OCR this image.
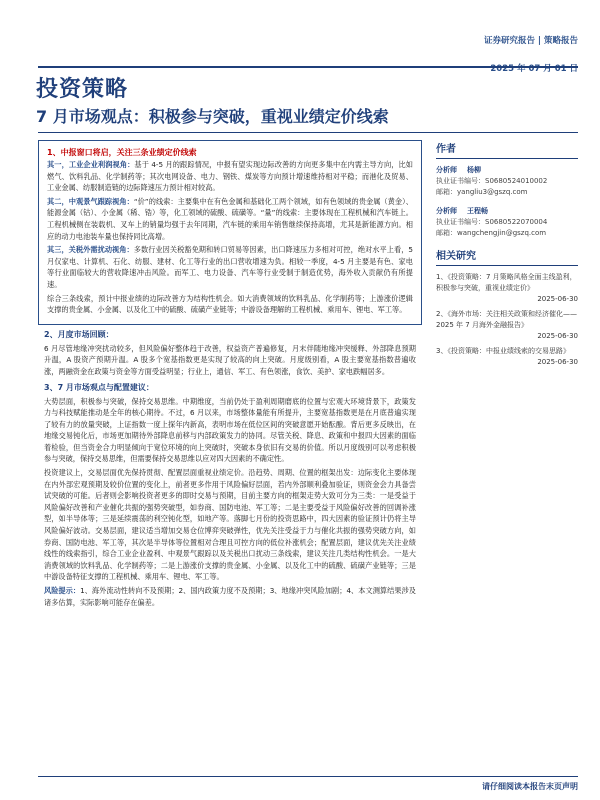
证券研究报告 | 策略报告
2025 年 07 月 01 日
投资策略
7 月市场观点：积极参与突破，重视业绩定价线索
1、中报窗口将启，关注三条业绩定价线索
其一，工业企业利润视角：基于 4-5 月的跟踪情况，中报有望实现边际改善的方向更多集中在内需主导方向，比如燃气、饮料乳品、化学制药等；其次电网设备、电力、钢铁、煤炭等方向预计增速维持相对平稳；而港化及贸易、工业金属、纺服制造链的边际降速压力预计相对较高。
其二，中观景气跟踪视角：“价”的线索：主要集中在有色金属和基础化工两个领域，如有色领域的贵金属（黄金）、能源金属（钴）、小金属（稀、锆）等，化工领域的硫酸、硫磺等。“量”的线索：主要体现在工程机械和汽车链上。工程机械侧在装载机、叉车上的销量均强于去年同期，汽车链的乘用车销售继续保持高增，尤其是新能源方向。相应的动力电池装车量也保持同比高增。
其三，关税外需扰动视角：多数行业因关税豁免期和转口贸易等因素，出口降速压力多相对可控，绝对水平上看，5 月仅家电、计算机、石化、纺服、建材、化工等行业的出口营收增速为负。相较一季度，4-5 月主要是有色、家电等行业面临较大的营收降速冲击风险。而军工、电力设备、汽车等行业受制于制造优势，海外收入贡献仍有所提速。
综合三条线索，预计中报业绩的边际改善方为结构性机会。如大消费领域的饮料乳品、化学制药等；上游涨价逻辑支撑的贵金属、小金属、以及化工中的硫酸、硫磺产业链等；中游设备理解的工程机械、乘用车、锂电、军工等。
2、月度市场回顾：
6 月尽管地缘冲突扰动较多，但风险偏好整体趋于改善，权益资产普遍修复，月末伴随地缘冲突缓释、外部降息预期升温，A 股资产预期升温。A 股多个宽基指数更是实现了较高的向上突破。月度级别看，A 股主要宽基指数普遍收涨，两融资金在政策与资金等方面受益明显；行业上，通信、军工、有色领涨，食饮、美护、家电跌幅居多。
3、7 月市场观点与配置建议：
大势层面，积极参与突破，保持交易思维。中期维度，当前仍处于盈利周期磨底的位置与宏观大环境背景下，政策发力与科技赋能推动是全年的核心期待。不过，6 月以来，市场整体量能有所提升，主要宽基指数更是在月底普遍实现了较有力的放量突破，上证指数一度上探年内新高，表明市场在低位区间的突破意愿开始酝酿。背后更多反映出，在地缘交易钝化后，市场更加期待外部降息前移与内部政策发力的协同。尽管关税、降息、政策和中报四大因素的面临着检验，但当资金合力明显倾向于宽位环境的向上突破时，突破本身依旧有交易的价值。所以月度级别可以考虑积极参与突破，保持交易思维，但需要保持交易思维以应对四大因素的不确定性。
投资建议上，交易层面优先保持贯彻、配置层面重视业绩定价。沿趋势、周期、位置的框架出发：边际变化主要体现在内外部宏观预期及较价位置的变化上，前者更多作用于风险偏好层面，若内外部顺利叠加验证，则资金会力具备尝试突破的可能。后者则会影响投资者更多的即时交易与预期，目前主要方向的框架走势大致可分为三类：一是受益于风险偏好改善和产业催化共振的强势突破型，如券商、国防电池、军工等；二是主要受益于风险偏好改善的回调补涨型，如半导体等；三是延续震荡的利空钝化型，如地产等。落脚七月份的投资思路中，四大因素的验证预计仍将主导风险偏好波动。交易层面，建议适当增加交易仓位博弈突破弹性，优先关注受益于力与催化共振的强势突破方向，如券商、国防电池、军工等，其次是半导体等位置相对合理且可控方向的低位补涨机会；配置层面，建议优先关注业绩线性的线索指引，综合工业企业盈利、中观景气跟踪以及关税出口扰动三条线索，建议关注几类结构性机会。一是大消费领域的饮料乳品、化学制药等；二是上游涨价支撑的贵金属、小金属、以及化工中的硫酸、硫磺产业链等；三是中游设备特征支撑的工程机械、乘用车、锂电、军工等。
风险提示：1、海外流动性转向不及预期；2、国内政策力度不及预期；3、地缘冲突风险加剧；4、本文测算结果涉及诸多估算，实际影响可能存在偏差。
作者
分析师 杨柳
执业证书编号：S0680524010002
邮箱：yangliu3@gszq.com
分析师 王程畅
执业证书编号：S0680522070004
邮箱：wangchengjin@gszq.com
相关研究
1、《投资策略：7 月策略风格全面主线盈利，积极参与突破，重视业绩定价》
2025-06-30
2、《海外市场：关注相关政策和经济催化——2025 年 7 月海外金融报告》
2025-06-30
3、《投资策略：中报业绩线索的交易思路》
2025-06-30
请仔细阅读本报告末页声明
